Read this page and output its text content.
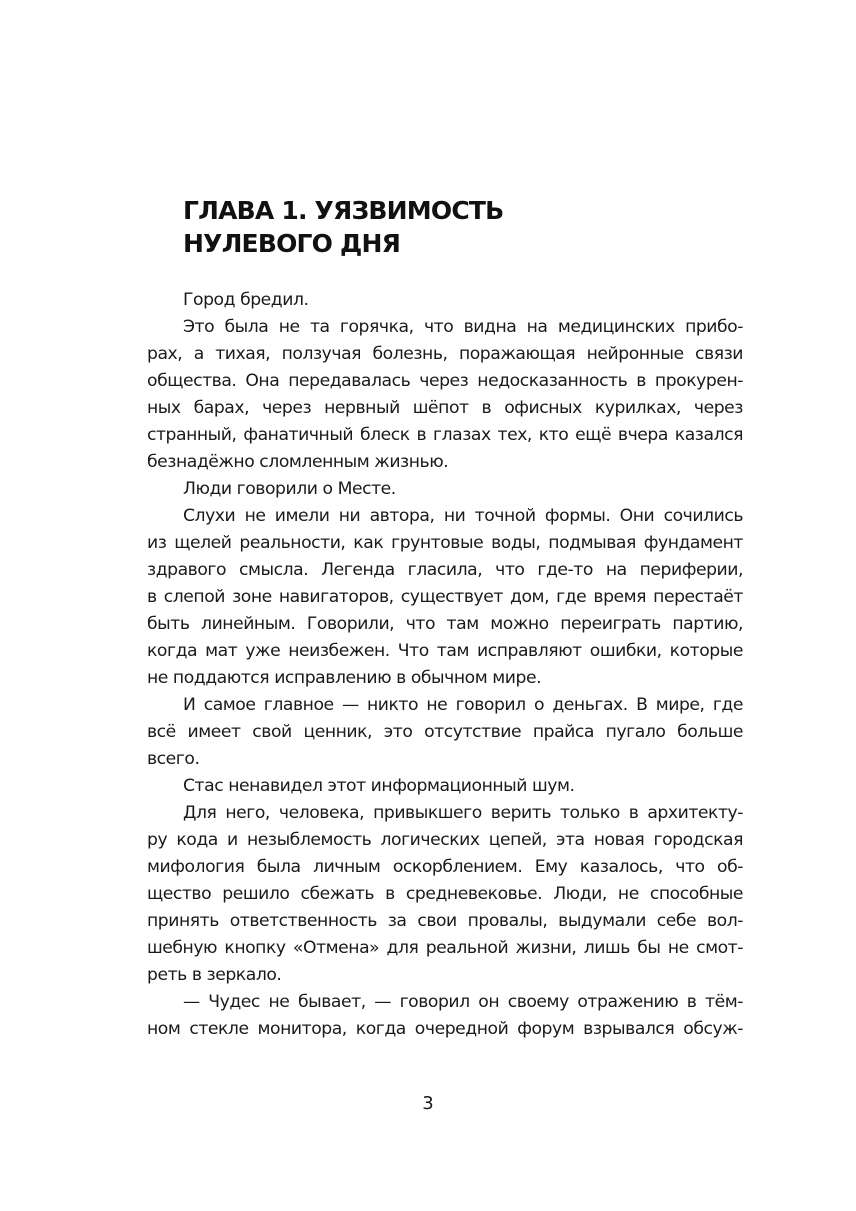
ГЛАВА 1. УЯЗВИМОСТЬ
НУЛЕВОГО ДНЯ
Город бредил.
Это была не та горячка, что видна на медицинских прибо-
рах, а тихая, ползучая болезнь, поражающая нейронные связи
общества. Она передавалась через недосказанность в прокурен-
ных барах, через нервный шёпот в офисных курилках, через
странный, фанатичный блеск в глазах тех, кто ещё вчера казался
безнадёжно сломленным жизнью.
Люди говорили о Месте.
Слухи не имели ни автора, ни точной формы. Они сочились
из щелей реальности, как грунтовые воды, подмывая фундамент
здравого смысла. Легенда гласила, что где-то на периферии,
в слепой зоне навигаторов, существует дом, где время перестаёт
быть линейным. Говорили, что там можно переиграть партию,
когда мат уже неизбежен. Что там исправляют ошибки, которые
не поддаются исправлению в обычном мире.
И самое главное — никто не говорил о деньгах. В мире, где
всё имеет свой ценник, это отсутствие прайса пугало больше
всего.
Стас ненавидел этот информационный шум.
Для него, человека, привыкшего верить только в архитекту-
ру кода и незыблемость логических цепей, эта новая городская
мифология была личным оскорблением. Ему казалось, что об-
щество решило сбежать в средневековье. Люди, не способные
принять ответственность за свои провалы, выдумали себе вол-
шебную кнопку «Отмена» для реальной жизни, лишь бы не смот-
реть в зеркало.
— Чудес не бывает, — говорил он своему отражению в тём-
ном стекле монитора, когда очередной форум взрывался обсуж-
3
